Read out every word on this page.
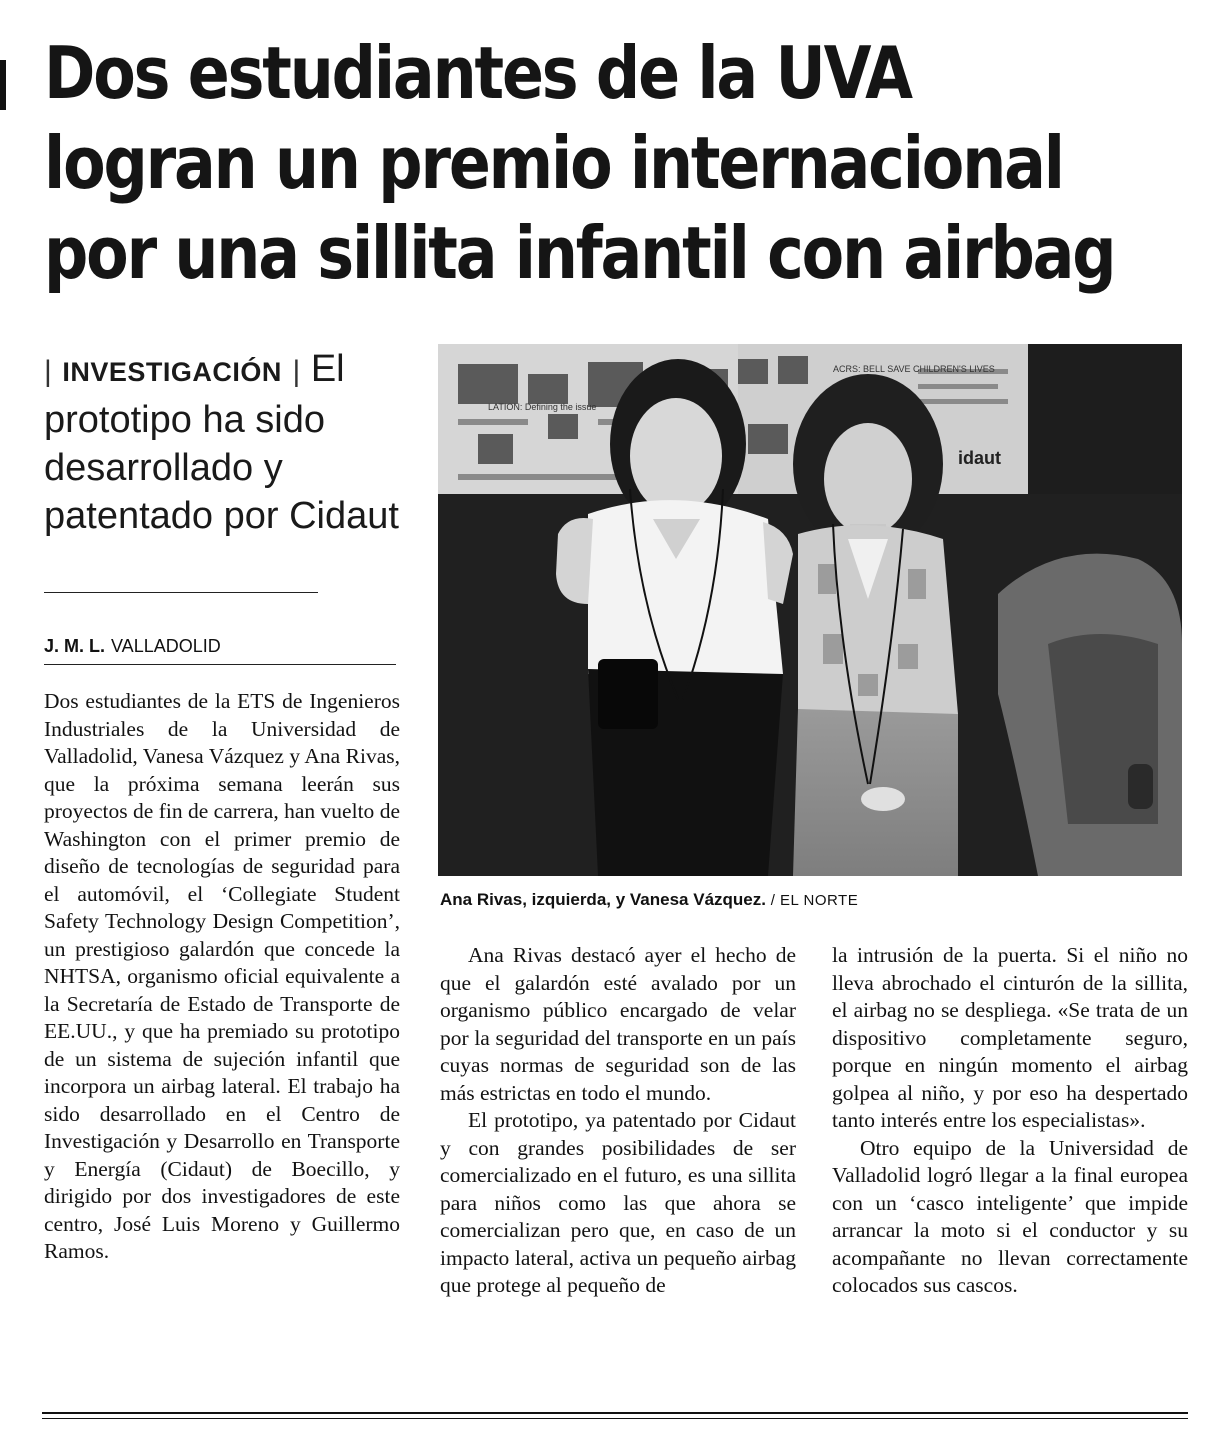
Dos estudiantes de la UVA
logran un premio internacional
por una sillita infantil con airbag
| INVESTIGACIÓN | El prototipo ha sido desarrollado y patentado por Cidaut
J. M. L. VALLADOLID

Dos estudiantes de la ETS de Ingenieros Industriales de la Universidad de Valladolid, Vanesa Vázquez y Ana Rivas, que la próxima semana leerán sus proyectos de fin de carrera, han vuelto de Washington con el primer premio de diseño de tecnologías de seguridad para el automóvil, el ‘Collegiate Student Safety Technology Design Competition’, un prestigioso galardón que concede la NHTSA, organismo oficial equivalente a la Secretaría de Estado de Transporte de EE.UU., y que ha premiado su prototipo de un sistema de sujeción infantil que incorpora un airbag lateral. El trabajo ha sido desarrollado en el Centro de Investigación y Desarrollo en Transporte y Energía (Cidaut) de Boecillo, y dirigido por dos investigadores de este centro, José Luis Moreno y Guillermo Ramos.

LATION: Defining the issue
ACRS: BELL SAVE CHILDREN'S LIVES
idaut
Ana Rivas, izquierda, y Vanesa Vázquez. / EL NORTE

Ana Rivas destacó ayer el hecho de que el galardón esté avalado por un organismo público encargado de velar por la seguridad del transporte en un país cuyas normas de seguridad son de las más estrictas en todo el mundo.

El prototipo, ya patentado por Cidaut y con grandes posibilidades de ser comercializado en el futuro, es una sillita para niños como las que ahora se comercializan pero que, en caso de un impacto lateral, activa un pequeño airbag que protege al pequeño de

la intrusión de la puerta. Si el niño no lleva abrochado el cinturón de la sillita, el airbag no se despliega. «Se trata de un dispositivo completamente seguro, porque en ningún momento el airbag golpea al niño, y por eso ha despertado tanto interés entre los especialistas».

Otro equipo de la Universidad de Valladolid logró llegar a la final europea con un ‘casco inteligente’ que impide arrancar la moto si el conductor y su acompañante no llevan correctamente colocados sus cascos.
